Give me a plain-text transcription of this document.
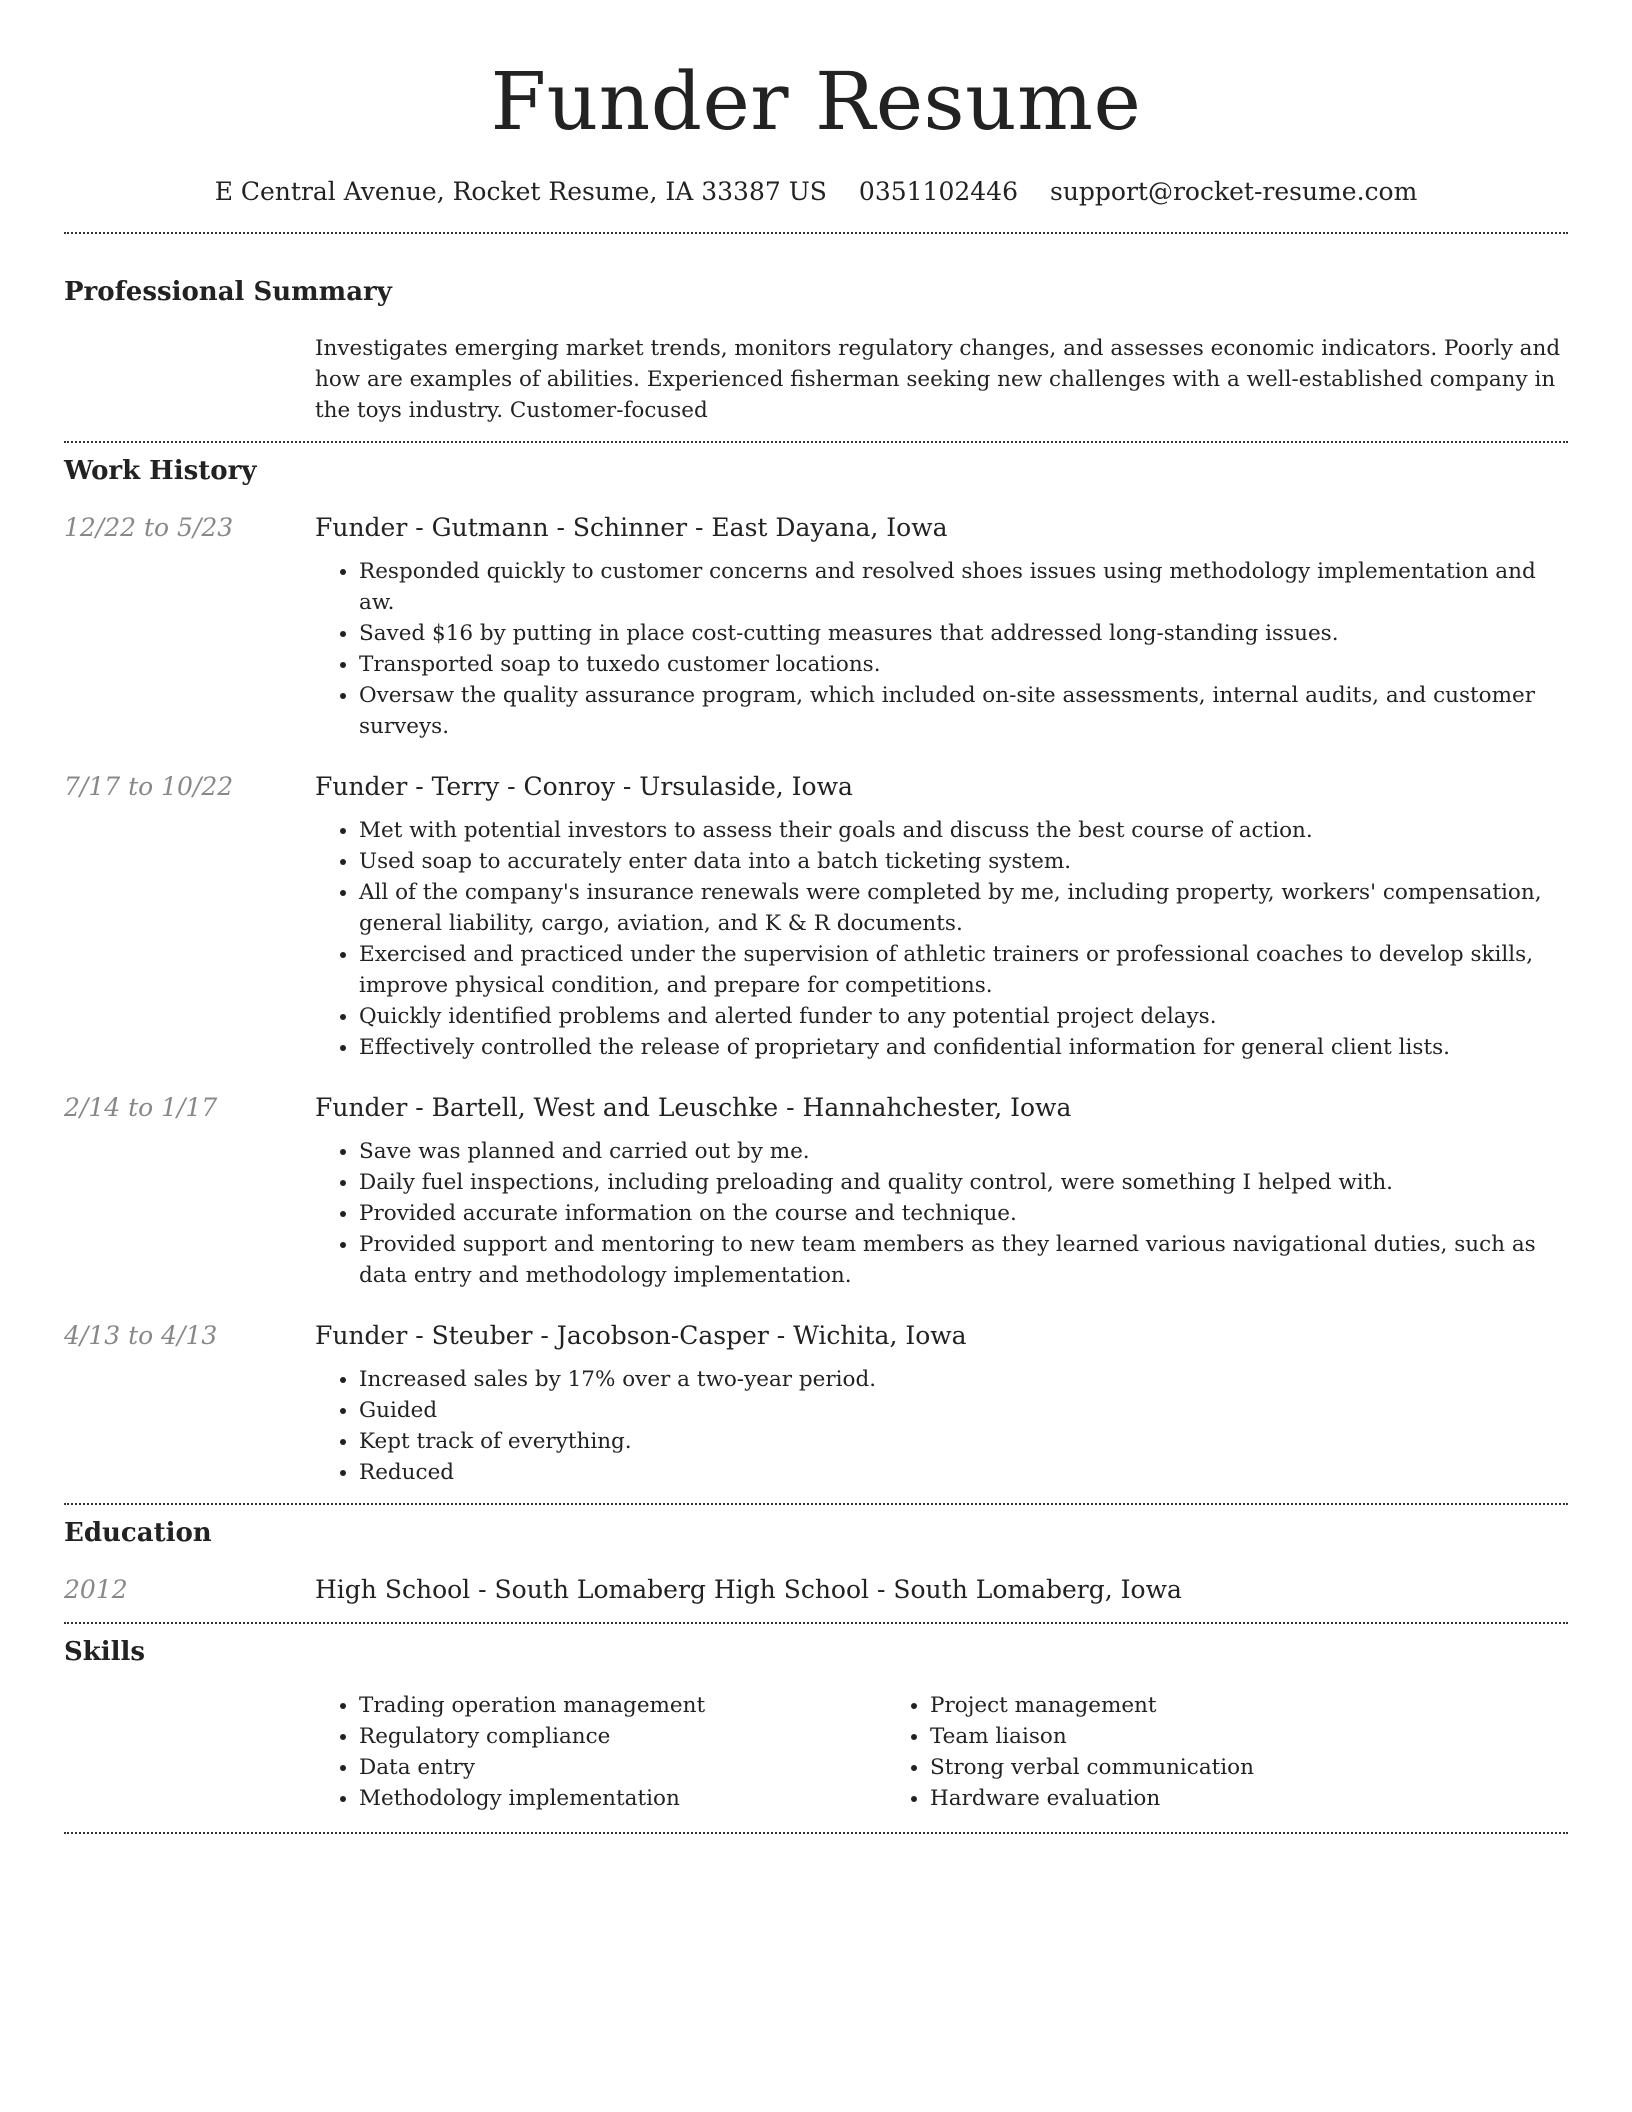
Funder Resume
E Central Avenue, Rocket Resume, IA 33387 US 0351102446 support@rocket-resume.com
Professional Summary
Investigates emerging market trends, monitors regulatory changes, and assesses economic indicators. Poorly and how are examples of abilities. Experienced fisherman seeking new challenges with a well-established company in the toys industry. Customer-focused
Work History
12/22 to 5/23	Funder - Gutmann - Schinner - East Dayana, Iowa
• Responded quickly to customer concerns and resolved shoes issues using methodology implementation and aw.
• Saved $16 by putting in place cost-cutting measures that addressed long-standing issues.
• Transported soap to tuxedo customer locations.
• Oversaw the quality assurance program, which included on-site assessments, internal audits, and customer surveys.
7/17 to 10/22	Funder - Terry - Conroy - Ursulaside, Iowa
• Met with potential investors to assess their goals and discuss the best course of action.
• Used soap to accurately enter data into a batch ticketing system.
• All of the company's insurance renewals were completed by me, including property, workers' compensation, general liability, cargo, aviation, and K & R documents.
• Exercised and practiced under the supervision of athletic trainers or professional coaches to develop skills, improve physical condition, and prepare for competitions.
• Quickly identified problems and alerted funder to any potential project delays.
• Effectively controlled the release of proprietary and confidential information for general client lists.
2/14 to 1/17	Funder - Bartell, West and Leuschke - Hannahchester, Iowa
• Save was planned and carried out by me.
• Daily fuel inspections, including preloading and quality control, were something I helped with.
• Provided accurate information on the course and technique.
• Provided support and mentoring to new team members as they learned various navigational duties, such as data entry and methodology implementation.
4/13 to 4/13	Funder - Steuber - Jacobson-Casper - Wichita, Iowa
• Increased sales by 17% over a two-year period.
• Guided
• Kept track of everything.
• Reduced
Education
2012	High School - South Lomaberg High School - South Lomaberg, Iowa
Skills
• Trading operation management
• Regulatory compliance
• Data entry
• Methodology implementation
• Project management
• Team liaison
• Strong verbal communication
• Hardware evaluation
